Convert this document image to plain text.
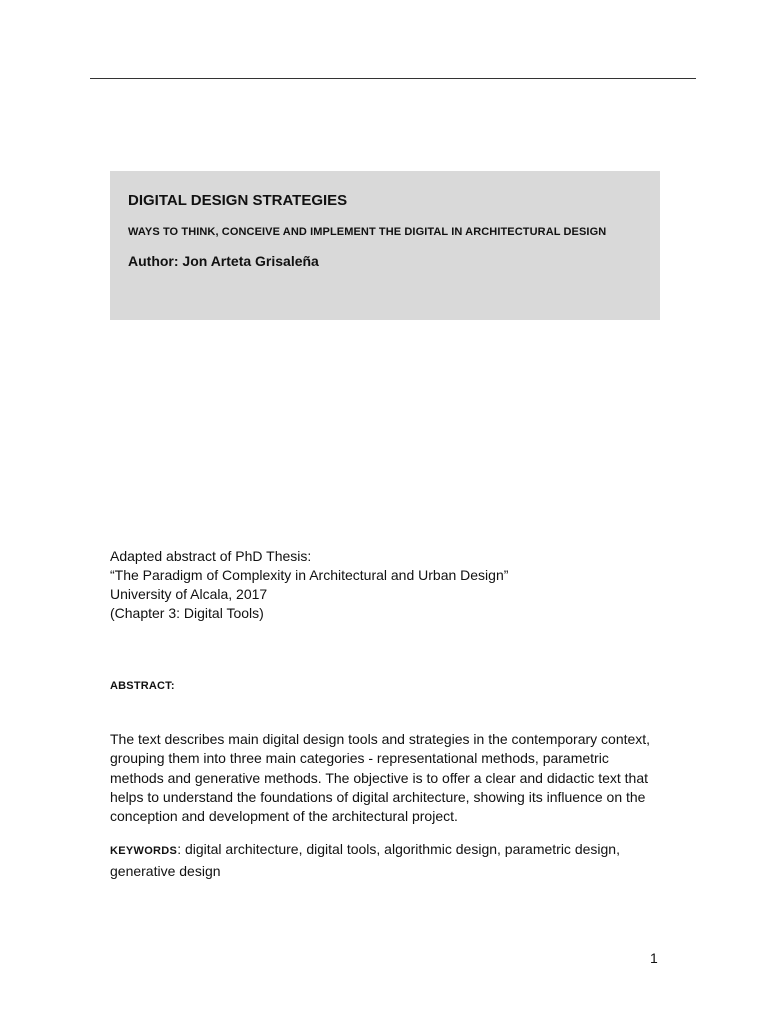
DIGITAL DESIGN STRATEGIES
WAYS TO THINK, CONCEIVE AND IMPLEMENT THE DIGITAL IN ARCHITECTURAL DESIGN
Author: Jon Arteta Grisaleña
Adapted abstract of PhD Thesis:
“The Paradigm of Complexity in Architectural and Urban Design”
University of Alcala, 2017
(Chapter 3: Digital Tools)
ABSTRACT:
The text describes main digital design tools and strategies in the contemporary context, grouping them into three main categories - representational methods, parametric methods and generative methods. The objective is to offer a clear and didactic text that helps to understand the foundations of digital architecture, showing its influence on the conception and development of the architectural project.
KEYWORDS: digital architecture, digital tools, algorithmic design, parametric design, generative design
1
